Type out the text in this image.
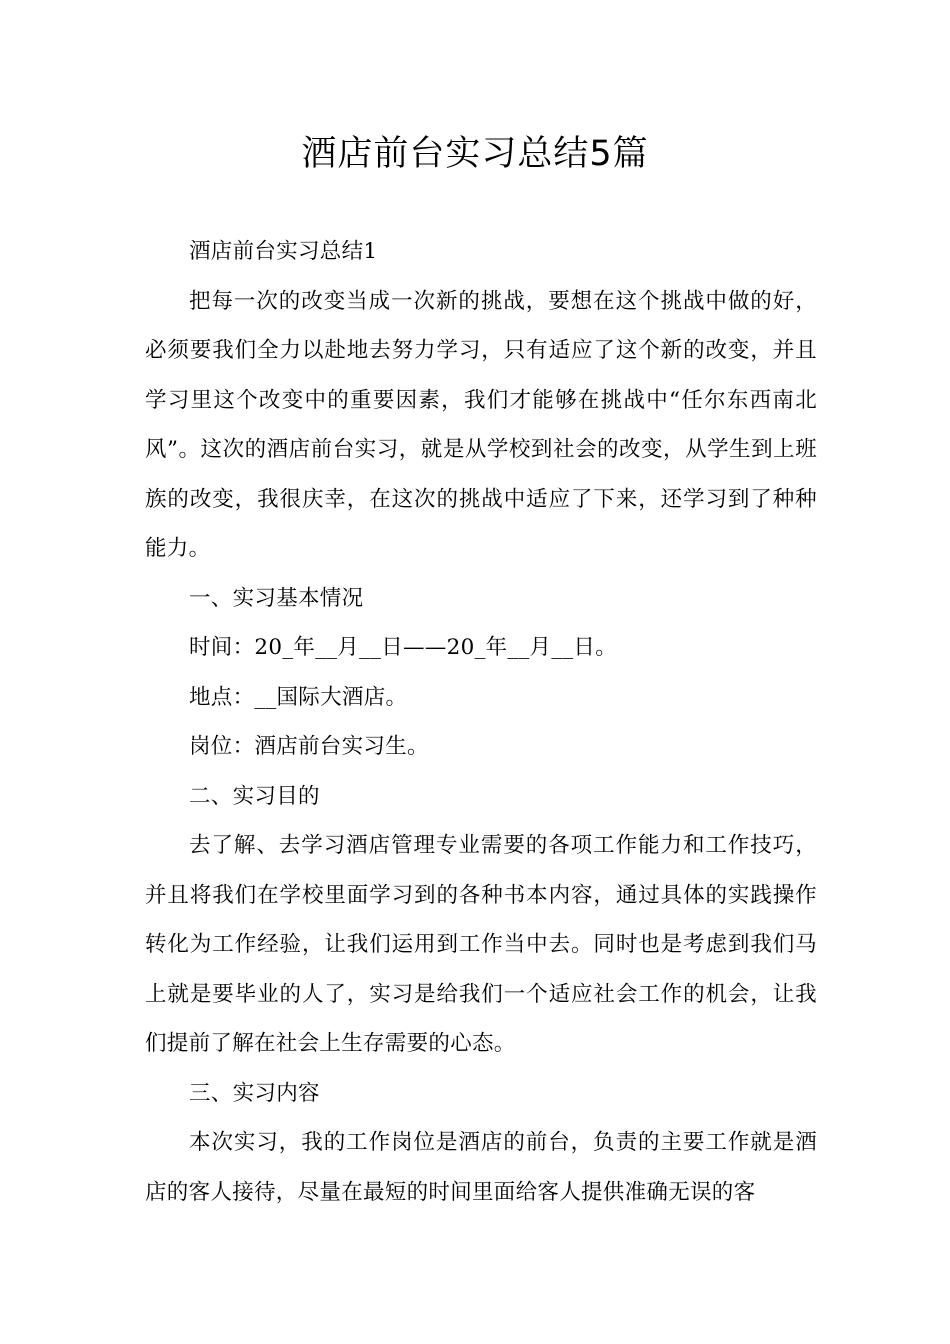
酒店前台实习总结5篇

酒店前台实习总结1

把每一次的改变当成一次新的挑战，要想在这个挑战中做的好，必须要我们全力以赴地去努力学习，只有适应了这个新的改变，并且学习里这个改变中的重要因素，我们才能够在挑战中“任尔东西南北风”。这次的酒店前台实习，就是从学校到社会的改变，从学生到上班族的改变，我很庆幸，在这次的挑战中适应了下来，还学习到了种种能力。

一、实习基本情况

时间：20_年__月__日——20_年__月__日。

地点：__国际大酒店。

岗位：酒店前台实习生。

二、实习目的

去了解、去学习酒店管理专业需要的各项工作能力和工作技巧，并且将我们在学校里面学习到的各种书本内容，通过具体的实践操作转化为工作经验，让我们运用到工作当中去。同时也是考虑到我们马上就是要毕业的人了，实习是给我们一个适应社会工作的机会，让我们提前了解在社会上生存需要的心态。

三、实习内容

本次实习，我的工作岗位是酒店的前台，负责的主要工作就是酒店的客人接待，尽量在最短的时间里面给客人提供准确无误的客
